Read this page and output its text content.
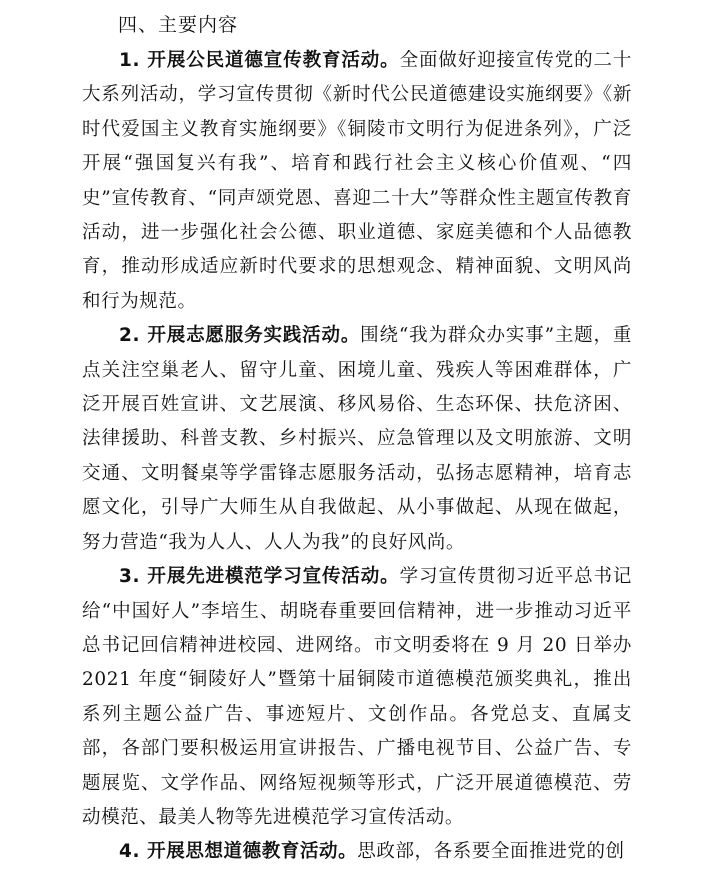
四、主要内容

1. 开展公民道德宣传教育活动。全面做好迎接宣传党的二十大系列活动，学习宣传贯彻《新时代公民道德建设实施纲要》《新时代爱国主义教育实施纲要》《铜陵市文明行为促进条列》，广泛开展“强国复兴有我”、培育和践行社会主义核心价值观、“四史”宣传教育、“同声颂党恩、喜迎二十大”等群众性主题宣传教育活动，进一步强化社会公德、职业道德、家庭美德和个人品德教育，推动形成适应新时代要求的思想观念、精神面貌、文明风尚和行为规范。

2. 开展志愿服务实践活动。围绕“我为群众办实事”主题，重点关注空巢老人、留守儿童、困境儿童、残疾人等困难群体，广泛开展百姓宣讲、文艺展演、移风易俗、生态环保、扶危济困、法律援助、科普支教、乡村振兴、应急管理以及文明旅游、文明交通、文明餐桌等学雷锋志愿服务活动，弘扬志愿精神，培育志愿文化，引导广大师生从自我做起、从小事做起、从现在做起，努力营造“我为人人、人人为我”的良好风尚。

3. 开展先进模范学习宣传活动。学习宣传贯彻习近平总书记给“中国好人”李培生、胡晓春重要回信精神，进一步推动习近平总书记回信精神进校园、进网络。市文明委将在 9 月 20 日举办 2021 年度“铜陵好人”暨第十届铜陵市道德模范颁奖典礼，推出系列主题公益广告、事迹短片、文创作品。各党总支、直属支部，各部门要积极运用宣讲报告、广播电视节目、公益广告、专题展览、文学作品、网络短视频等形式，广泛开展道德模范、劳动模范、最美人物等先进模范学习宣传活动。

4. 开展思想道德教育活动。思政部，各系要全面推进党的创
